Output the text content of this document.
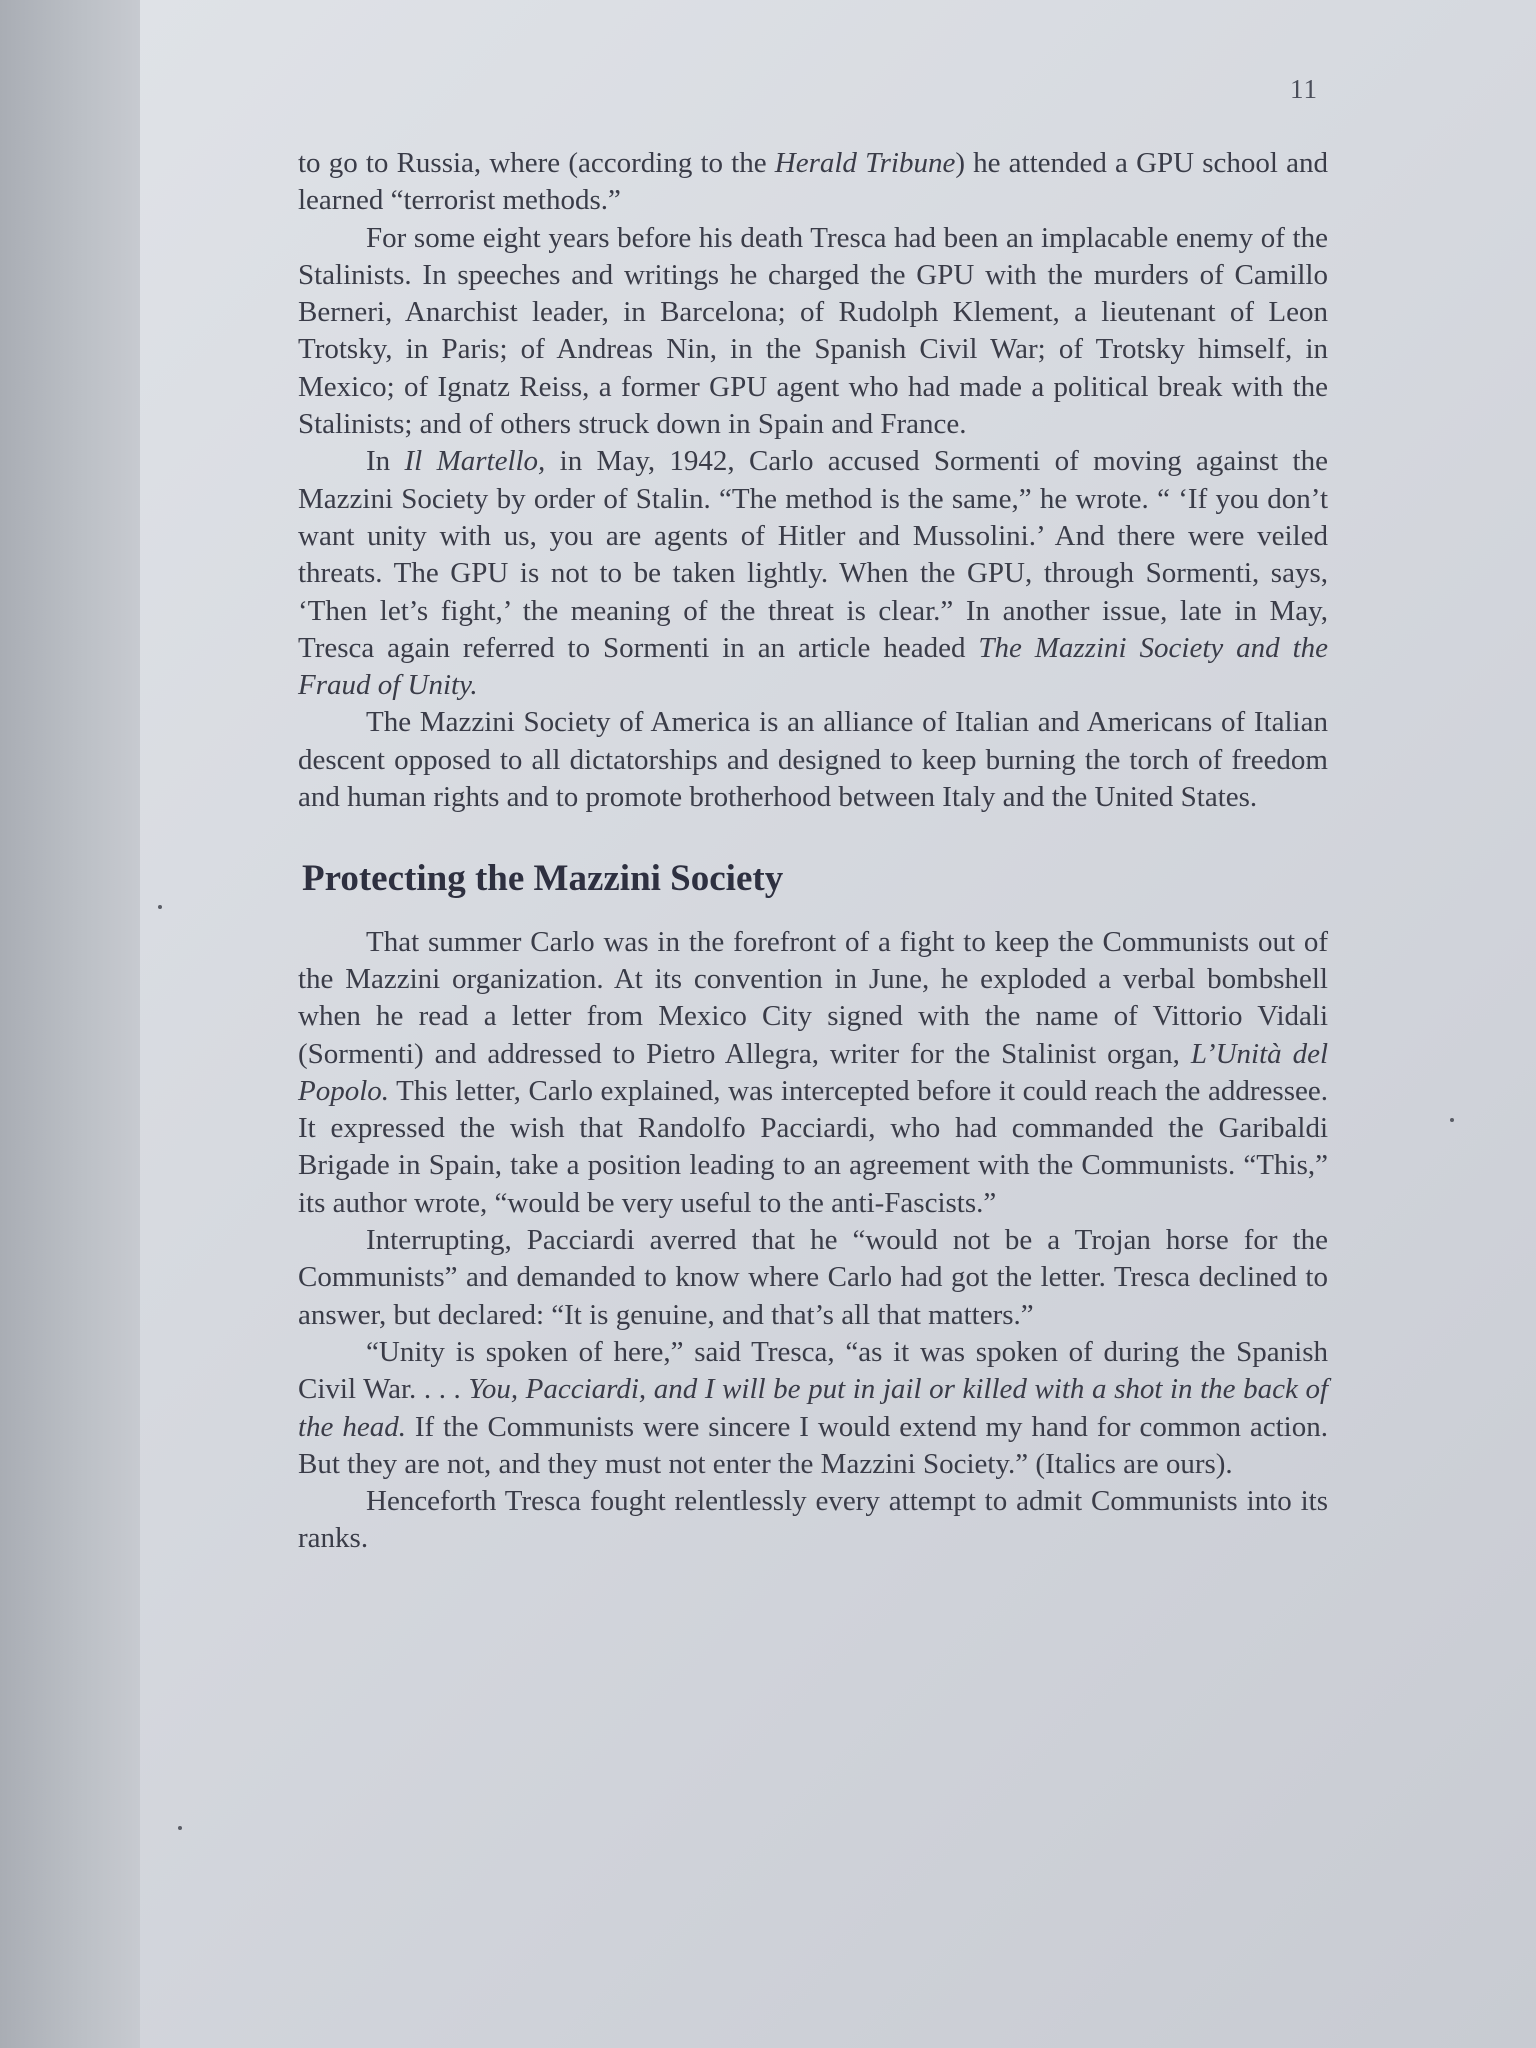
11

to go to Russia, where (according to the Herald Tribune) he attended a GPU school and learned “terrorist methods.”

For some eight years before his death Tresca had been an implacable enemy of the Stalinists. In speeches and writings he charged the GPU with the murders of Camillo Berneri, Anarchist leader, in Barcelona; of Rudolph Klement, a lieutenant of Leon Trotsky, in Paris; of Andreas Nin, in the Spanish Civil War; of Trotsky himself, in Mexico; of Ignatz Reiss, a former GPU agent who had made a political break with the Stalinists; and of others struck down in Spain and France.

In Il Martello, in May, 1942, Carlo accused Sormenti of moving against the Mazzini Society by order of Stalin. “The method is the same,” he wrote. “ ‘If you don’t want unity with us, you are agents of Hitler and Mussolini.’ And there were veiled threats. The GPU is not to be taken lightly. When the GPU, through Sormenti, says, ‘Then let’s fight,’ the meaning of the threat is clear.” In another issue, late in May, Tresca again referred to Sormenti in an article headed The Mazzini Society and the Fraud of Unity.

The Mazzini Society of America is an alliance of Italian and Americans of Italian descent opposed to all dictatorships and designed to keep burning the torch of freedom and human rights and to promote brotherhood between Italy and the United States.

Protecting the Mazzini Society

That summer Carlo was in the forefront of a fight to keep the Communists out of the Mazzini organization. At its convention in June, he exploded a verbal bombshell when he read a letter from Mexico City signed with the name of Vittorio Vidali (Sormenti) and addressed to Pietro Allegra, writer for the Stalinist organ, L’Unità del Popolo. This letter, Carlo explained, was intercepted before it could reach the addressee. It expressed the wish that Randolfo Pacciardi, who had commanded the Garibaldi Brigade in Spain, take a position leading to an agreement with the Communists. “This,” its author wrote, “would be very useful to the anti-Fascists.”

Interrupting, Pacciardi averred that he “would not be a Trojan horse for the Communists” and demanded to know where Carlo had got the letter. Tresca declined to answer, but declared: “It is genuine, and that’s all that matters.”

“Unity is spoken of here,” said Tresca, “as it was spoken of during the Spanish Civil War. . . . You, Pacciardi, and I will be put in jail or killed with a shot in the back of the head. If the Communists were sincere I would extend my hand for common action. But they are not, and they must not enter the Mazzini Society.” (Italics are ours).

Henceforth Tresca fought relentlessly every attempt to admit Communists into its ranks.
